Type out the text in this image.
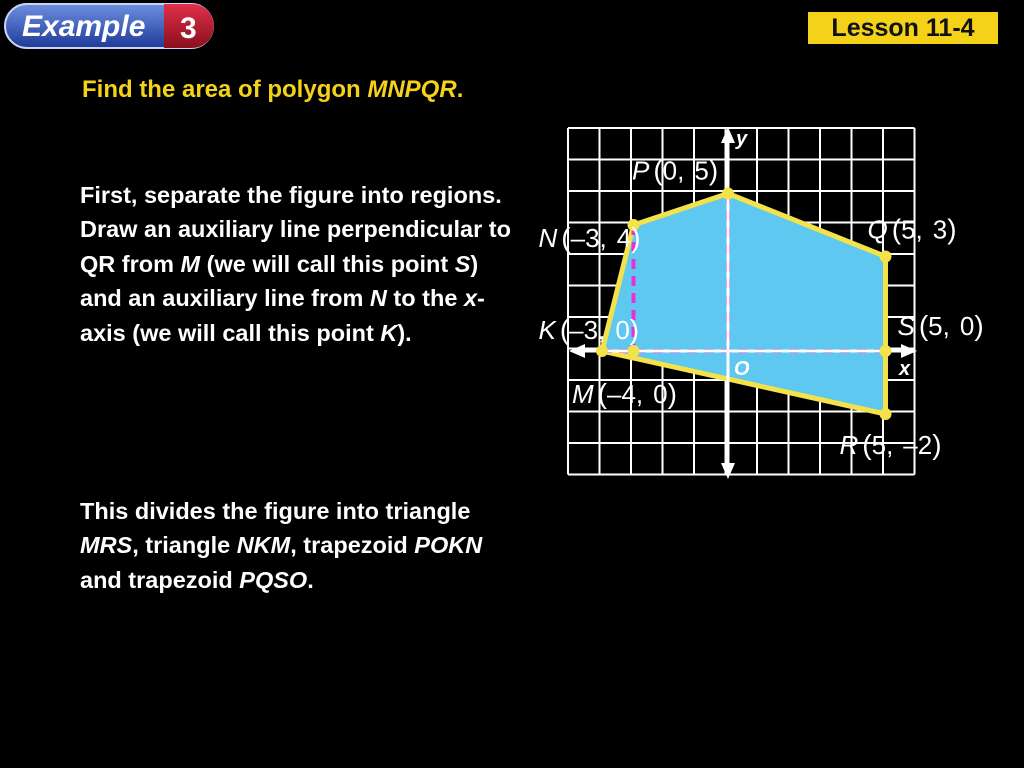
Example 3	Lesson 11-4
Find the area of polygon MNPQR.
First, separate the figure into regions. Draw an auxiliary line perpendicular to QR from M (we will call this point S) and an auxiliary line from N to the x-axis (we will call this point K).
This divides the figure into triangle MRS, triangle NKM, trapezoid POKN and trapezoid PQSO.
x
y
O
P (0, 5)
N (–3, 4)	Q (5, 3)
K (–3, 0)	S (5, 0)
M (–4, 0)
R (5, –2)
